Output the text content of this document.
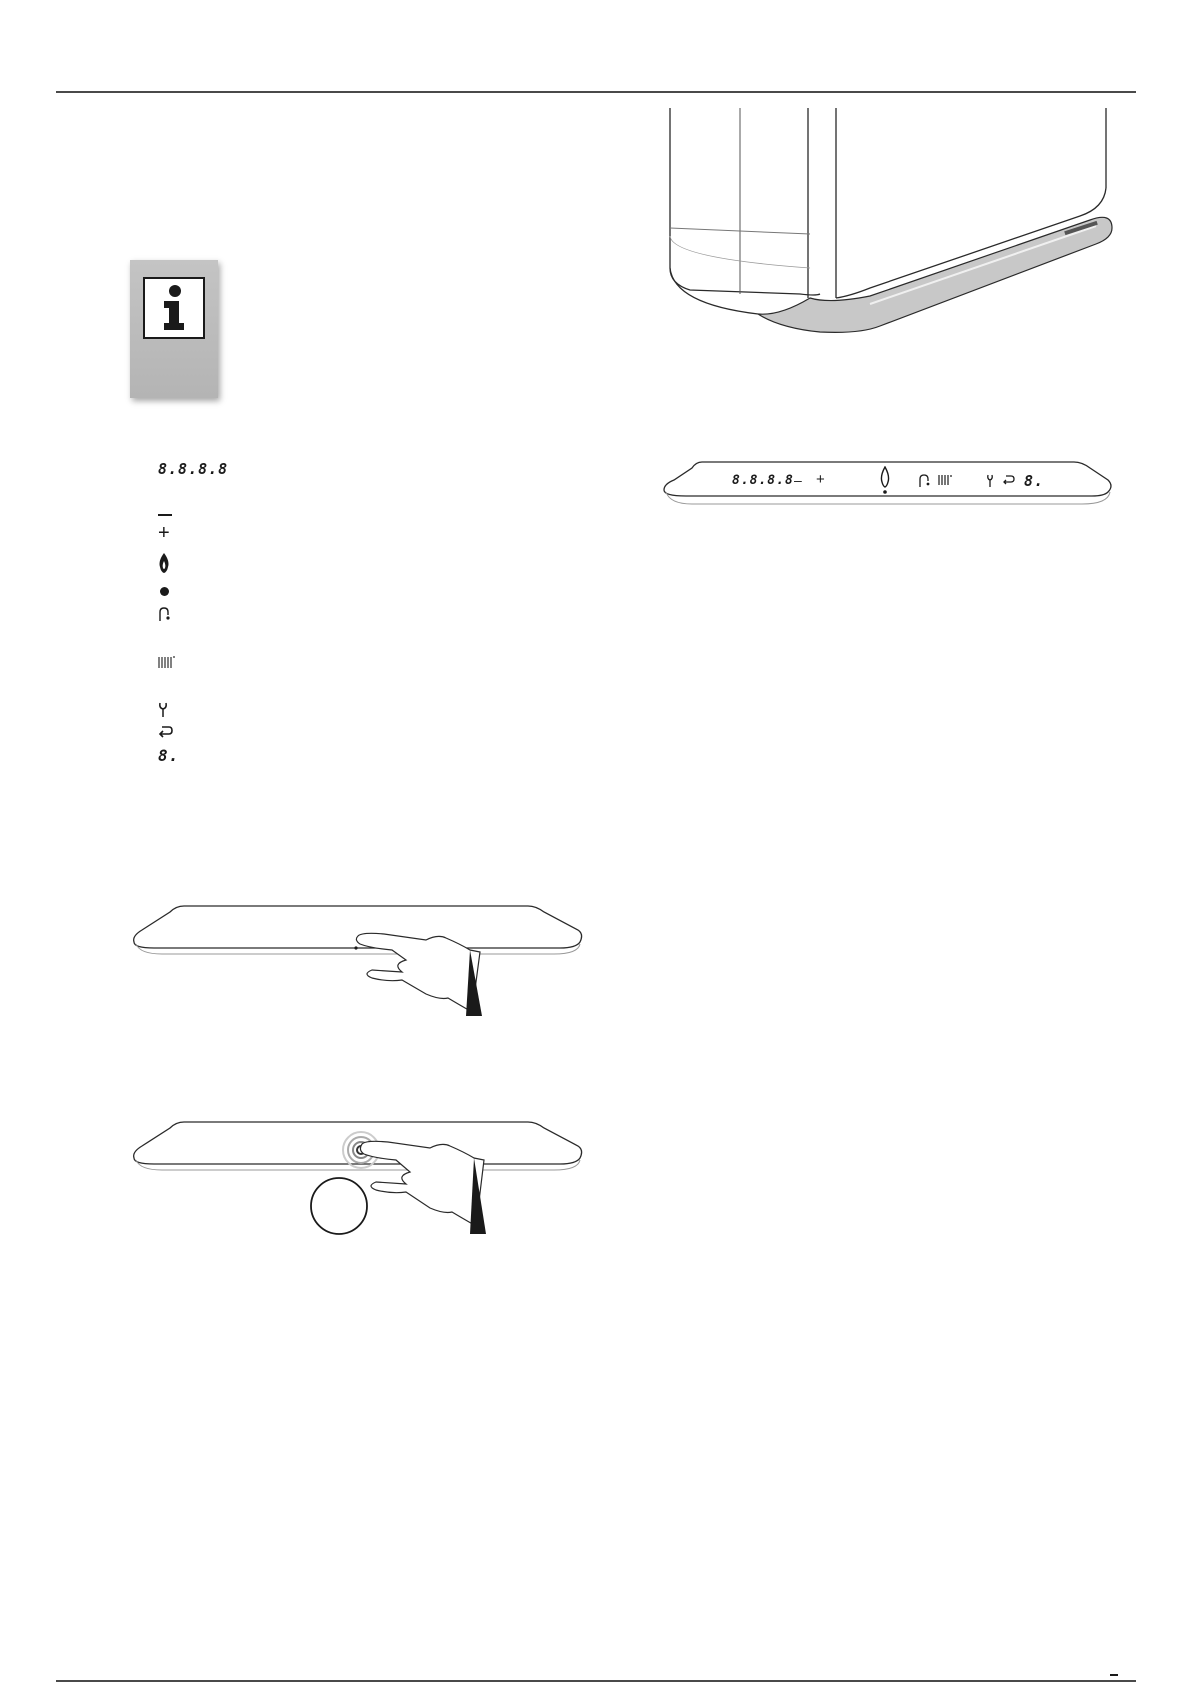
8.8.8.8 – +	8.
8.8.8.8
+
8.
